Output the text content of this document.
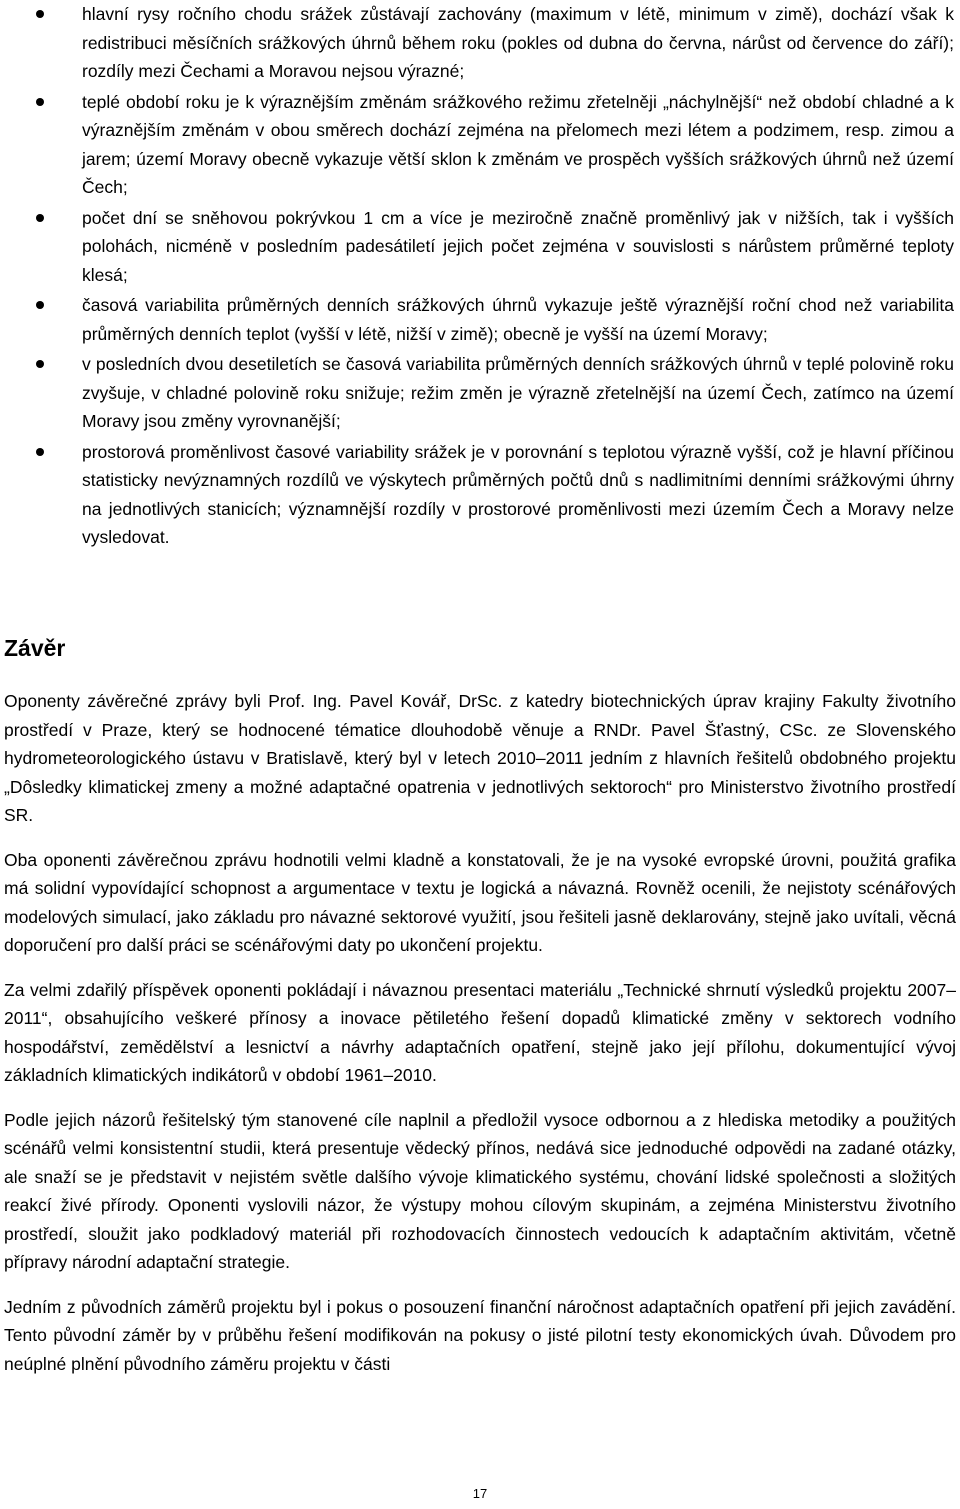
hlavní rysy ročního chodu srážek zůstávají zachovány (maximum v létě, minimum v zimě), dochází však k redistribuci měsíčních srážkových úhrnů během roku (pokles od dubna do června, nárůst od července do září); rozdíly mezi Čechami a Moravou nejsou výrazné;
teplé období roku je k výraznějším změnám srážkového režimu zřetelněji „náchylnější“ než období chladné a k výraznějším změnám v obou směrech dochází zejména na přelomech mezi létem a podzimem, resp. zimou a jarem; území Moravy obecně vykazuje větší sklon k změnám ve prospěch vyšších srážkových úhrnů než území Čech;
počet dní se sněhovou pokrývkou 1 cm a více je meziročně značně proměnlivý jak v nižších, tak i vyšších polohách, nicméně v posledním padesátiletí jejich počet zejména v souvislosti s nárůstem průměrné teploty klesá;
časová variabilita průměrných denních srážkových úhrnů vykazuje ještě výraznější roční chod než variabilita průměrných denních teplot (vyšší v létě, nižší v zimě); obecně je vyšší na území Moravy;
v posledních dvou desetiletích se časová variabilita průměrných denních srážkových úhrnů v teplé polovině roku zvyšuje, v chladné polovině roku snižuje; režim změn je výrazně zřetelnější na území Čech, zatímco na území Moravy jsou změny vyrovnanější;
prostorová proměnlivost časové variability srážek je v porovnání s teplotou výrazně vyšší, což je hlavní příčinou statisticky nevýznamných rozdílů ve výskytech průměrných počtů dnů s nadlimitními denními srážkovými úhrny na jednotlivých stanicích; významnější rozdíly v prostorové proměnlivosti mezi územím Čech a Moravy nelze vysledovat.
Závěr

Oponenty závěrečné zprávy byli Prof. Ing. Pavel Kovář, DrSc. z katedry biotechnických úprav krajiny Fakulty životního prostředí v Praze, který se hodnocené tématice dlouhodobě věnuje a RNDr. Pavel Šťastný, CSc. ze Slovenského hydrometeorologického ústavu v Bratislavě, který byl v letech 2010–2011 jedním z hlavních řešitelů obdobného projektu „Dôsledky klimatickej zmeny a možné adaptačné opatrenia v jednotlivých sektoroch“ pro Ministerstvo životního prostředí SR.

Oba oponenti závěrečnou zprávu hodnotili velmi kladně a konstatovali, že je na vysoké evropské úrovni, použitá grafika má solidní vypovídající schopnost a argumentace v textu je logická a návazná. Rovněž ocenili, že nejistoty scénářových modelových simulací, jako základu pro návazné sektorové využití, jsou řešiteli jasně deklarovány, stejně jako uvítali, věcná doporučení pro další práci se scénářovými daty po ukončení projektu.

Za velmi zdařilý příspěvek oponenti pokládají i návaznou presentaci materiálu „Technické shrnutí výsledků projektu 2007–2011“, obsahujícího veškeré přínosy a inovace pětiletého řešení dopadů klimatické změny v sektorech vodního hospodářství, zemědělství a lesnictví a návrhy adaptačních opatření, stejně jako její přílohu, dokumentující vývoj základních klimatických indikátorů v období 1961–2010.

Podle jejich názorů řešitelský tým stanovené cíle naplnil a předložil vysoce odbornou a z hlediska metodiky a použitých scénářů velmi konsistentní studii, která presentuje vědecký přínos, nedává sice jednoduché odpovědi na zadané otázky, ale snaží se je představit v nejistém světle dalšího vývoje klimatického systému, chování lidské společnosti a složitých reakcí živé přírody. Oponenti vyslovili názor, že výstupy mohou cílovým skupinám, a zejména Ministerstvu životního prostředí, sloužit jako podkladový materiál při rozhodovacích činnostech vedoucích k adaptačním aktivitám, včetně přípravy národní adaptační strategie.

Jedním z původních záměrů projektu byl i pokus o posouzení finanční náročnost adaptačních opatření při jejich zavádění. Tento původní záměr by v průběhu řešení modifikován na pokusy o jisté pilotní testy ekonomických úvah. Důvodem pro neúplné plnění původního záměru projektu v části

17
